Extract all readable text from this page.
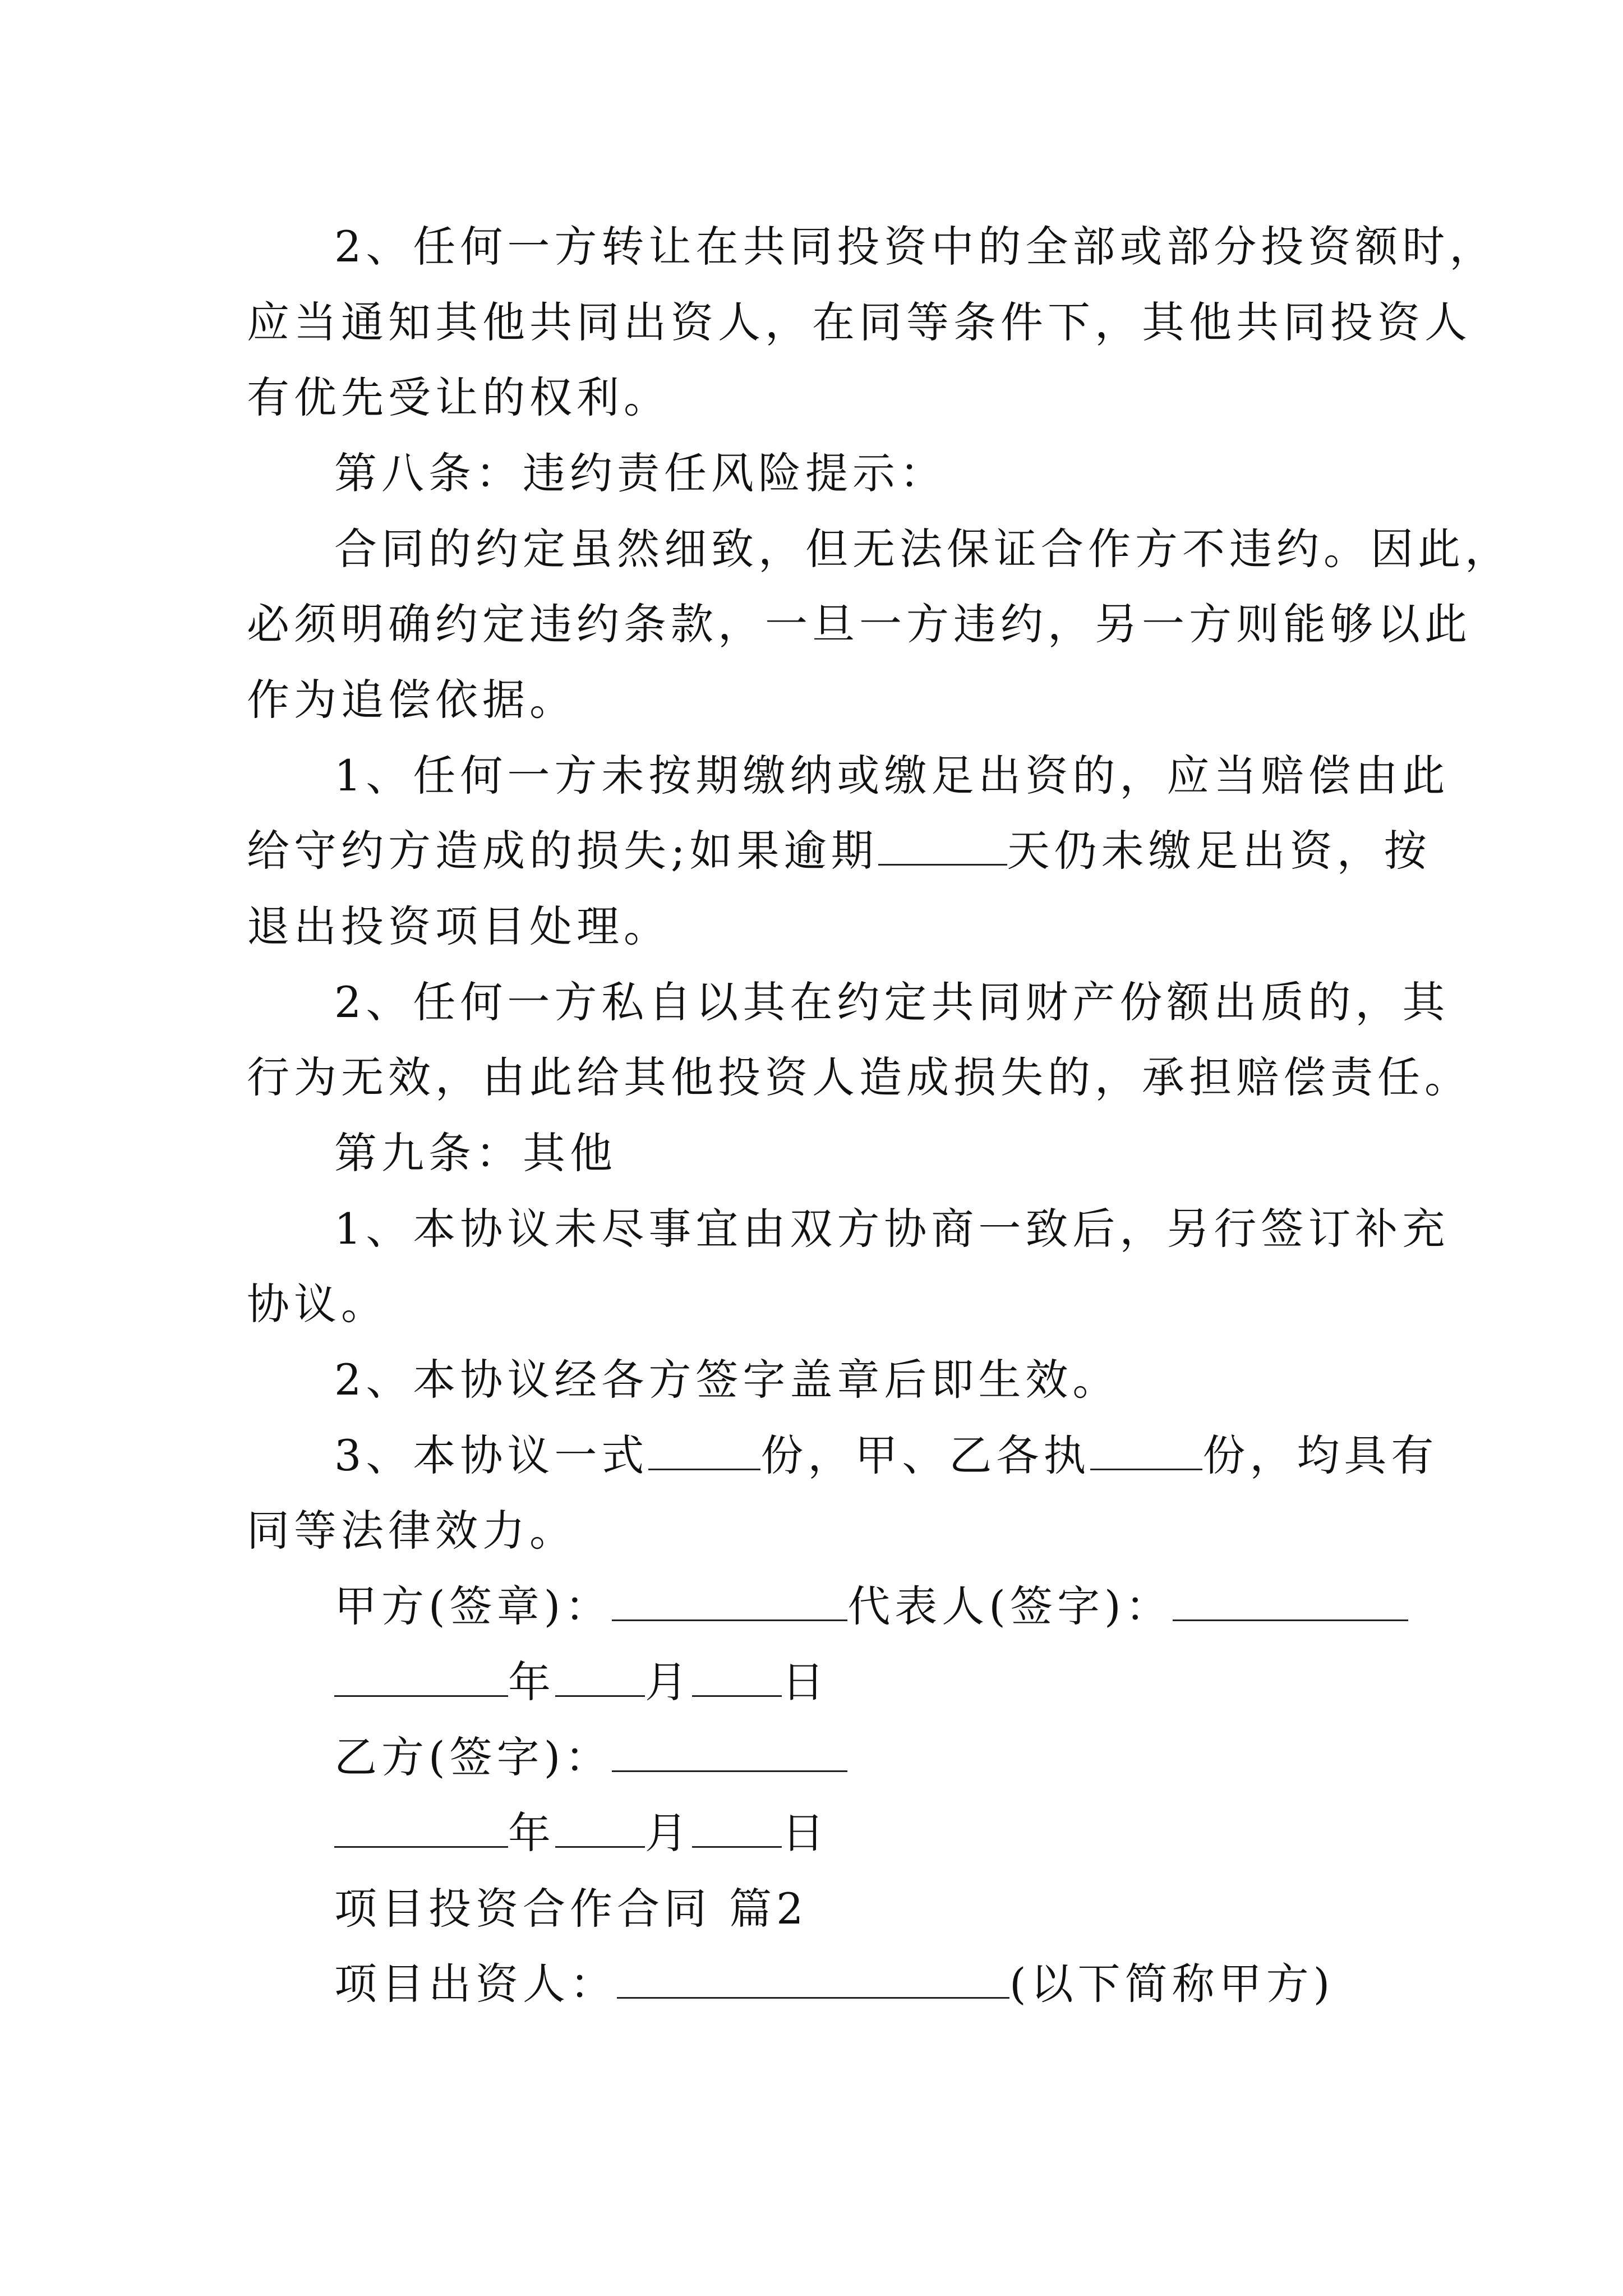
2、任何一方转让在共同投资中的全部或部分投资额时，
应当通知其他共同出资人，在同等条件下，其他共同投资人
有优先受让的权利。
第八条：违约责任风险提示：
合同的约定虽然细致，但无法保证合作方不违约。因此，
必须明确约定违约条款，一旦一方违约，另一方则能够以此
作为追偿依据。
1、任何一方未按期缴纳或缴足出资的，应当赔偿由此
给守约方造成的损失;如果逾期	天仍未缴足出资，按
退出投资项目处理。
2、任何一方私自以其在约定共同财产份额出质的，其
行为无效，由此给其他投资人造成损失的，承担赔偿责任。
第九条：其他
1、本协议未尽事宜由双方协商一致后，另行签订补充
协议。
2、本协议经各方签字盖章后即生效。
3、本协议一式	份，甲、乙各执	份，均具有
同等法律效力。
甲方(签章)：	代表人(签字)：
年 月 日
乙方(签字)：
年 月 日
项目投资合作合同 篇2
项目出资人：	(以下简称甲方)
